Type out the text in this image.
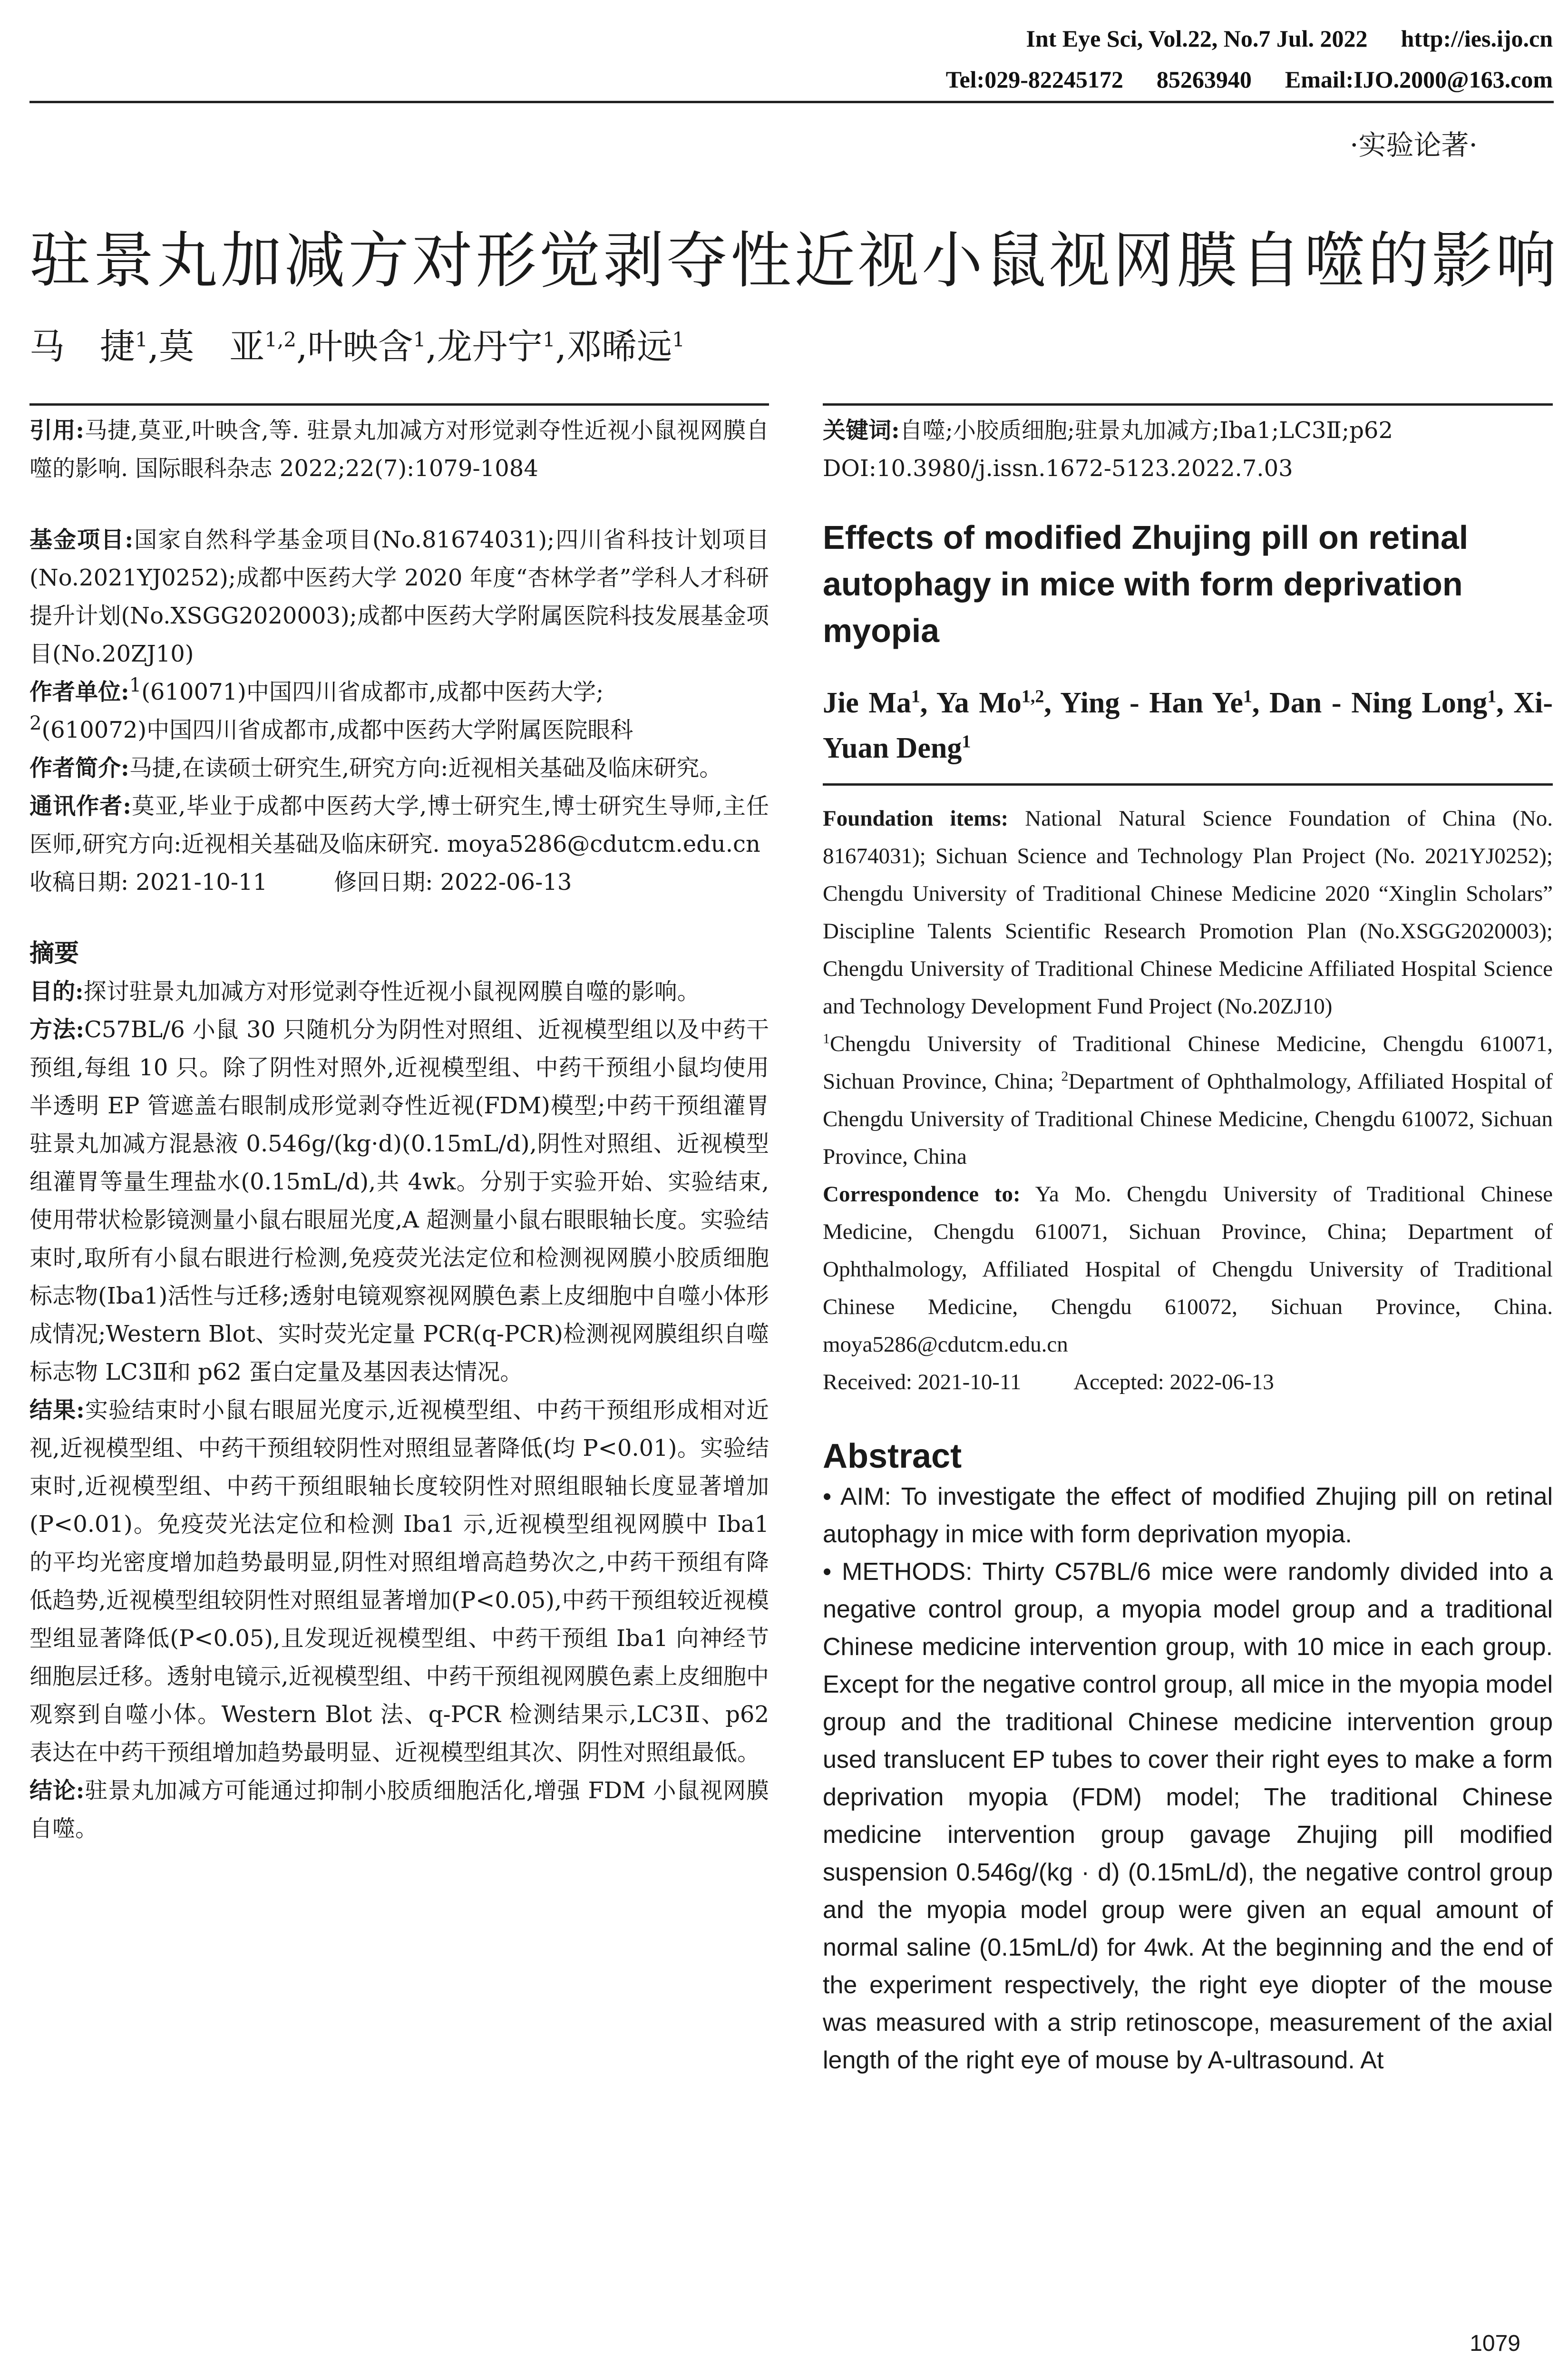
Int Eye Sci, Vol.22, No.7 Jul. 2022 http://ies.ijo.cn
Tel:029-82245172 85263940 Email:IJO.2000@163.com
·实验论著·
驻景丸加减方对形觉剥夺性近视小鼠视网膜自噬的影响
马　捷$^1$,莫　亚$^{1,2}$,叶映含$^1$,龙丹宁$^1$,邓晞远$^1$

引用:马捷,莫亚,叶映含,等. 驻景丸加减方对形觉剥夺性近视小鼠视网膜自噬的影响. 国际眼科杂志 2022;22(7):1079-1084

基金项目:国家自然科学基金项目(No.81674031);四川省科技计划项目(No.2021YJ0252);成都中医药大学 2020 年度“杏林学者”学科人才科研提升计划(No.XSGG2020003);成都中医药大学附属医院科技发展基金项目(No.20ZJ10)

作者单位:$^1$(610071)中国四川省成都市,成都中医药大学;
$^2$(610072)中国四川省成都市,成都中医药大学附属医院眼科

作者简介:马捷,在读硕士研究生,研究方向:近视相关基础及临床研究。

通讯作者:莫亚,毕业于成都中医药大学,博士研究生,博士研究生导师,主任医师,研究方向:近视相关基础及临床研究. moya5286@cdutcm.edu.cn

收稿日期: 2021-10-11	修回日期: 2022-06-13

摘要

目的:探讨驻景丸加减方对形觉剥夺性近视小鼠视网膜自噬的影响。

方法:C57BL/6 小鼠 30 只随机分为阴性对照组、近视模型组以及中药干预组,每组 10 只。除了阴性对照外,近视模型组、中药干预组小鼠均使用半透明 EP 管遮盖右眼制成形觉剥夺性近视(FDM)模型;中药干预组灌胃驻景丸加减方混悬液 0.546g/(kg·d)(0.15mL/d),阴性对照组、近视模型组灌胃等量生理盐水(0.15mL/d),共 4wk。分别于实验开始、实验结束,使用带状检影镜测量小鼠右眼屈光度,A 超测量小鼠右眼眼轴长度。实验结束时,取所有小鼠右眼进行检测,免疫荧光法定位和检测视网膜小胶质细胞标志物(Iba1)活性与迁移;透射电镜观察视网膜色素上皮细胞中自噬小体形成情况;Western Blot、实时荧光定量 PCR(q-PCR)检测视网膜组织自噬标志物 LC3Ⅱ和 p62 蛋白定量及基因表达情况。

结果:实验结束时小鼠右眼屈光度示,近视模型组、中药干预组形成相对近视,近视模型组、中药干预组较阴性对照组显著降低(均 P<0.01)。实验结束时,近视模型组、中药干预组眼轴长度较阴性对照组眼轴长度显著增加(P<0.01)。免疫荧光法定位和检测 Iba1 示,近视模型组视网膜中 Iba1 的平均光密度增加趋势最明显,阴性对照组增高趋势次之,中药干预组有降低趋势,近视模型组较阴性对照组显著增加(P<0.05),中药干预组较近视模型组显著降低(P<0.05),且发现近视模型组、中药干预组 Iba1 向神经节细胞层迁移。透射电镜示,近视模型组、中药干预组视网膜色素上皮细胞中观察到自噬小体。Western Blot 法、q-PCR 检测结果示,LC3Ⅱ、p62 表达在中药干预组增加趋势最明显、近视模型组其次、阴性对照组最低。

结论:驻景丸加减方可能通过抑制小胶质细胞活化,增强 FDM 小鼠视网膜自噬。

关键词:自噬;小胶质细胞;驻景丸加减方;Iba1;LC3Ⅱ;p62

DOI:10.3980/j.issn.1672-5123.2022.7.03

Effects of modified Zhujing pill on retinal autophagy in mice with form deprivation myopia

Jie Ma$^1$, Ya Mo$^{1,2}$, Ying - Han Ye$^1$, Dan - Ning Long$^1$, Xi-Yuan Deng$^1$

Foundation items: National Natural Science Foundation of China (No. 81674031); Sichuan Science and Technology Plan Project (No. 2021YJ0252); Chengdu University of Traditional Chinese Medicine 2020 “Xinglin Scholars” Discipline Talents Scientific Research Promotion Plan (No.XSGG2020003); Chengdu University of Traditional Chinese Medicine Affiliated Hospital Science and Technology Development Fund Project (No.20ZJ10)

$^1$Chengdu University of Traditional Chinese Medicine, Chengdu 610071, Sichuan Province, China; $^2$Department of Ophthalmology, Affiliated Hospital of Chengdu University of Traditional Chinese Medicine, Chengdu 610072, Sichuan Province, China

Correspondence to: Ya Mo. Chengdu University of Traditional Chinese Medicine, Chengdu 610071, Sichuan Province, China; Department of Ophthalmology, Affiliated Hospital of Chengdu University of Traditional Chinese Medicine, Chengdu 610072, Sichuan Province, China. moya5286@cdutcm.edu.cn

Received: 2021-10-11 Accepted: 2022-06-13

Abstract

• AIM: To investigate the effect of modified Zhujing pill on retinal autophagy in mice with form deprivation myopia.

• METHODS: Thirty C57BL/6 mice were randomly divided into a negative control group, a myopia model group and a traditional Chinese medicine intervention group, with 10 mice in each group. Except for the negative control group, all mice in the myopia model group and the traditional Chinese medicine intervention group used translucent EP tubes to cover their right eyes to make a form deprivation myopia (FDM) model; The traditional Chinese medicine intervention group gavage Zhujing pill modified suspension 0.546g/(kg · d) (0.15mL/d), the negative control group and the myopia model group were given an equal amount of normal saline (0.15mL/d) for 4wk. At the beginning and the end of the experiment respectively, the right eye diopter of the mouse was measured with a strip retinoscope, measurement of the axial length of the right eye of mouse by A-ultrasound. At

1079
